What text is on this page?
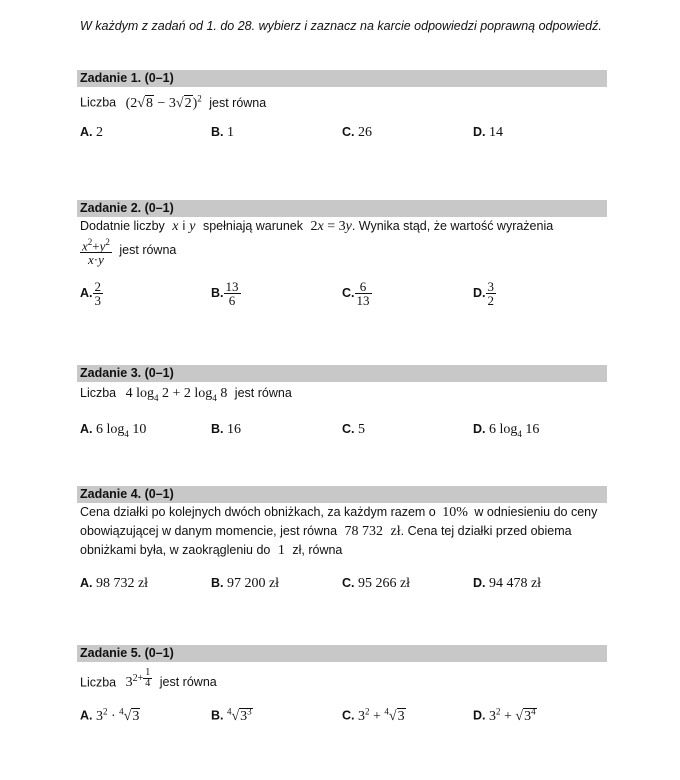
W każdym z zadań od 1. do 28. wybierz i zaznacz na karcie odpowiedzi poprawną odpowiedź.
Zadanie 1. (0–1)
Liczba $(2√8 - 3√2)^2$ jest równa
A. 2	B. 1	C. 26	D. 14
Zadanie 2. (0–1)
Dodatnie liczby x i y spełniają warunek 2x = 3y. Wynika stąd, że wartość wyrażenia
$\frac{x^2+y^2}{x\cdot y}$ jest równa
A. $\frac{2}{3}$	B. $\frac{13}{6}$	C. $\frac{6}{13}$	D. $\frac{3}{2}$
Zadanie 3. (0–1)
Liczba 4 $\log_4 2 + 2$ $\log_4 8$ jest równa
A. 6 $\log_4 10$	B. 16	C. 5	D. 6 $\log_4 16$
Zadanie 4. (0–1)
Cena działki po kolejnych dwóch obniżkach, za każdym razem o 10% w odniesieniu do ceny
obowiązującej w danym momencie, jest równa 78 732 zł. Cena tej działki przed obiema
obniżkami była, w zaokrągleniu do 1 zł, równa
A. 98 732 zł	B. 97 200 zł	C. 95 266 zł	D. 94 478 zł
Zadanie 5. (0–1)
Liczba $3^{2+ \frac{1}{4}}$ jest równa
A. $3^2 \cdot ^4√3$	B. $^4√3^3$	C. $3^2 + ^4√3$	D. $3^2 + √3^4$
